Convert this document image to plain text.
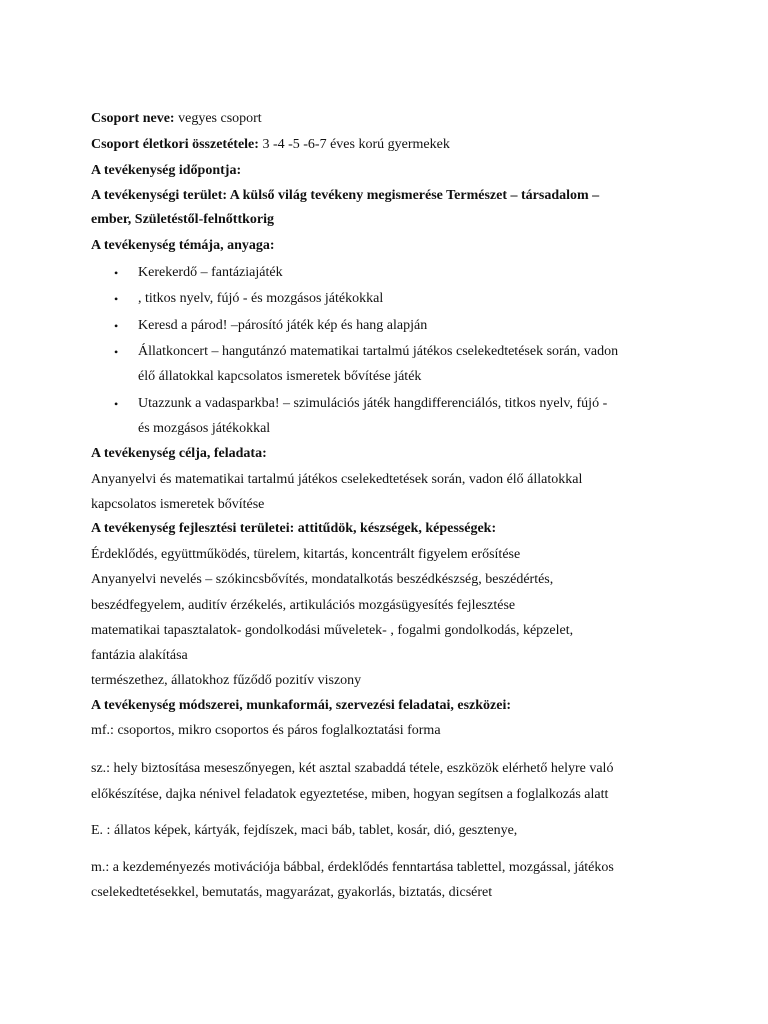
Csoport neve: vegyes csoport
Csoport életkori összetétele: 3 -4 -5 -6-7 éves korú gyermekek
A tevékenység időpontja:
A tevékenységi terület: A külső világ tevékeny megismerése Természet – társadalom –
ember, Születéstől-felnőttkorig
A tevékenység témája, anyaga:
• Kerekerdő – fantáziajáték
• , titkos nyelv, fújó - és mozgásos játékokkal
• Keresd a párod! –párosító játék kép és hang alapján
• Állatkoncert – hangutánzó matematikai tartalmú játékos cselekedtetések során, vadon
élő állatokkal kapcsolatos ismeretek bővítése játék
• Utazzunk a vadasparkba! – szimulációs játék hangdifferenciálós, titkos nyelv, fújó -
és mozgásos játékokkal
A tevékenység célja, feladata:
Anyanyelvi és matematikai tartalmú játékos cselekedtetések során, vadon élő állatokkal
kapcsolatos ismeretek bővítése
A tevékenység fejlesztési területei: attitűdök, készségek, képességek:
Érdeklődés, együttműködés, türelem, kitartás, koncentrált figyelem erősítése
Anyanyelvi nevelés – szókincsbővítés, mondatalkotás beszédkészség, beszédértés,
beszédfegyelem, auditív érzékelés, artikulációs mozgásügyesítés fejlesztése
matematikai tapasztalatok- gondolkodási műveletek- , fogalmi gondolkodás, képzelet,
fantázia alakítása
természethez, állatokhoz fűződő pozitív viszony
A tevékenység módszerei, munkaformái, szervezési feladatai, eszközei:
mf.: csoportos, mikro csoportos és páros foglalkoztatási forma
sz.: hely biztosítása meseszőnyegen, két asztal szabaddá tétele, eszközök elérhető helyre való
előkészítése, dajka nénivel feladatok egyeztetése, miben, hogyan segítsen a foglalkozás alatt
E. : állatos képek, kártyák, fejdíszek, maci báb, tablet, kosár, dió, gesztenye,
m.: a kezdeményezés motivációja bábbal, érdeklődés fenntartása tablettel, mozgással, játékos
cselekedtetésekkel, bemutatás, magyarázat, gyakorlás, biztatás, dicséret
